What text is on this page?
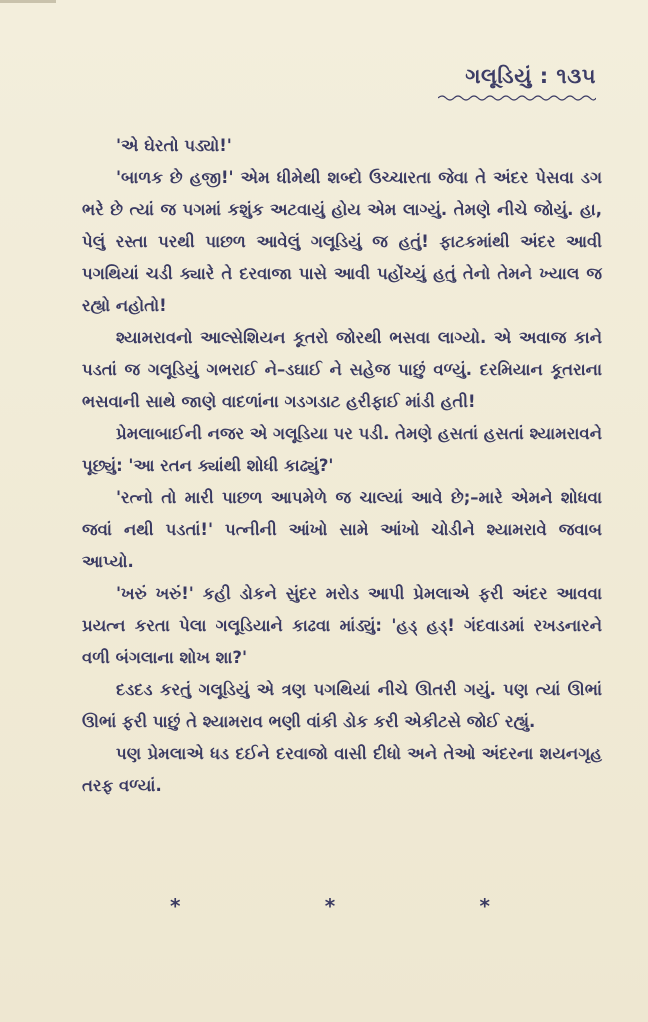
ગલૂડિયું : ૧૩૫

'એ ઘેરતો પડ્યો!'

'બાળક છે હજી!' એમ ધીમેથી શબ્દો ઉચ્ચારતા જેવા તે અંદર પેસવા ડગ ભરે છે ત્યાં જ પગમાં કશુંક અટવાયું હોય એમ લાગ્યું. તેમણે નીચે જોયું. હા, પેલું રસ્તા પરથી પાછળ આવેલું ગલૂડિયું જ હતું! ફાટકમાંથી અંદર આવી પગથિયાં ચડી ક્યારે તે દરવાજા પાસે આવી પહોંચ્યું હતું તેનો તેમને ખ્યાલ જ રહ્યો નહોતો!

શ્યામરાવનો આલ્સેશિયન કૂતરો જોરથી ભસવા લાગ્યો. એ અવાજ કાને પડતાં જ ગલૂડિયું ગભરાઈ ને–ડઘાઈ ને સહેજ પાછું વળ્યું. દરમિયાન કૂતરાના ભસવાની સાથે જાણે વાદળાંના ગડગડાટ હરીફાઈ માંડી હતી!

પ્રેમલાબાઈની નજર એ ગલૂડિયા પર પડી. તેમણે હસતાં હસતાં શ્યામરાવને પૂછ્યું: 'આ રતન ક્યાંથી શોધી કાઢ્યું?'

'રત્નો તો મારી પાછળ આપમેળે જ ચાલ્યાં આવે છે;–મારે એમને શોધવા જવાં નથી પડતાં!' પત્નીની આંખો સામે આંખો ચોડીને શ્યામરાવે જવાબ આપ્યો.

'ખરું ખરું!' કહી ડોકને સુંદર મરોડ આપી પ્રેમલાએ ફરી અંદર આવવા પ્રયત્ન કરતા પેલા ગલૂડિયાને કાઢવા માંડ્યું: 'હડ્ હડ્! ગંદવાડમાં રખડનારને વળી બંગલાના શોખ શા?'

દડદડ કરતું ગલૂડિયું એ ત્રણ પગથિયાં નીચે ઊતરી ગયું. પણ ત્યાં ઊભાં ઊભાં ફરી પાછું તે શ્યામરાવ ભણી વાંકી ડોક કરી એકીટસે જોઈ રહ્યું.

પણ પ્રેમલાએ ધડ દઈને દરવાજો વાસી દીધો અને તેઓ અંદરના શયનગૃહ તરફ વળ્યાં.

*	*	*
